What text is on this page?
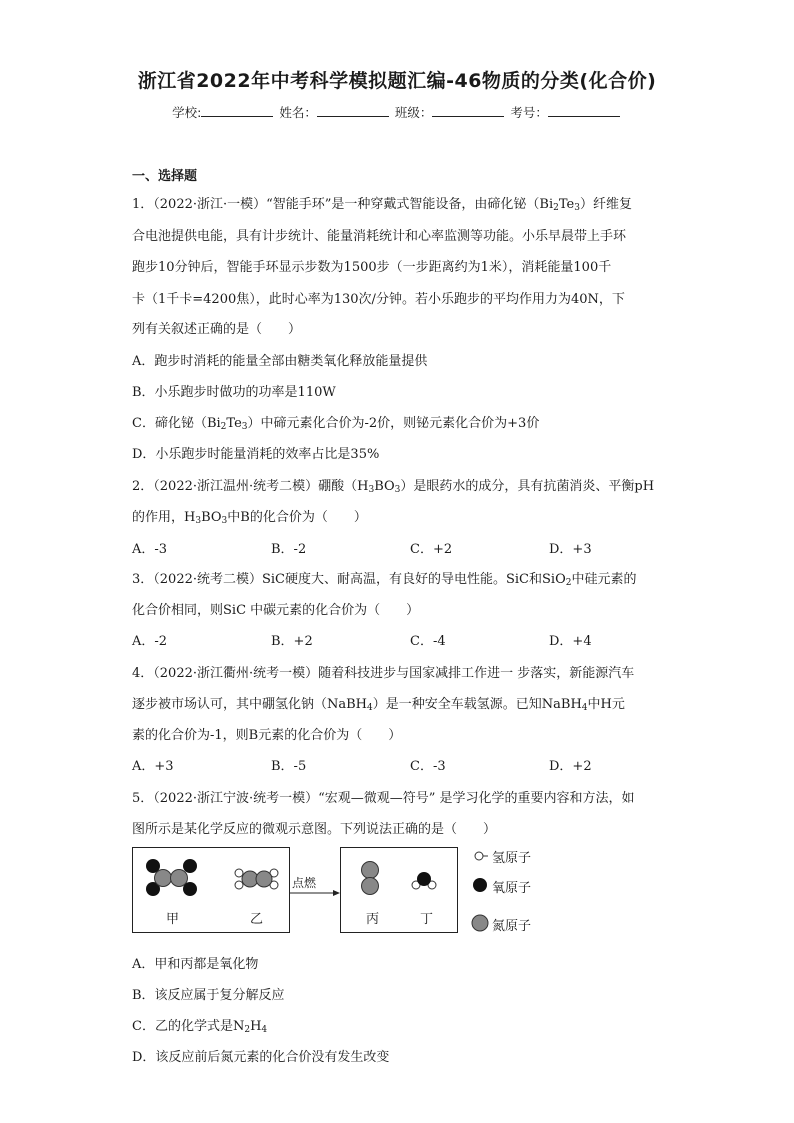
浙江省2022年中考科学模拟题汇编-46物质的分类(化合价)
学校:	姓名：	班级：	考号：
一、选择题
1．（2022·浙江·一模）“智能手环”是一种穿戴式智能设备，由碲化铋$(Bi_2Te_3)$纤维复
合电池提供电能，具有计步统计、能量消耗统计和心率监测等功能。小乐早晨带上手环
跑步10分钟后，智能手环显示步数为1500步（一步距离约为1米），消耗能量100千
卡（1千卡=4200焦），此时心率为130次/分钟。若小乐跑步的平均作用力为40N，下
列有关叙述正确的是（　　）
A．跑步时消耗的能量全部由糖类氧化释放能量提供
B．小乐跑步时做功的功率是110W
C．碲化铋$(Bi_2Te_3)$中碲元素化合价为-2价，则铋元素化合价为+3价
D．小乐跑步时能量消耗的效率占比是35%
2．（2022·浙江温州·统考二模）硼酸$(H_3BO_3)$是眼药水的成分，具有抗菌消炎、平衡pH
的作用，$H_3BO_3$中B的化合价为（　　）
A．-3	B．-2	C．+2	D．+3
3．（2022·统考二模）SiC硬度大、耐高温，有良好的导电性能。SiC和SiO$_2$中硅元素的
化合价相同，则SiC 中碳元素的化合价为（　　）
A．-2	B．+2	C．-4	D．+4
4．（2022·浙江衢州·统考一模）随着科技进步与国家减排工作进一 步落实，新能源汽车
逐步被市场认可，其中硼氢化钠（NaBH$_4$）是一种安全车载氢源。已知NaBH$_4$中H元
素的化合价为-1，则B元素的化合价为（　　）
A．+3	B．-5	C．-3	D．+2
5．（2022·浙江宁波·统考一模）“宏观—微观—符号” 是学习化学的重要内容和方法，如
图所示是某化学反应的微观示意图。下列说法正确的是（　　）
甲	乙
点燃
丙	丁
氢原子
氧原子
氮原子
A．甲和丙都是氧化物
B．该反应属于复分解反应
C．乙的化学式是$N_2H_4$
D．该反应前后氮元素的化合价没有发生改变
